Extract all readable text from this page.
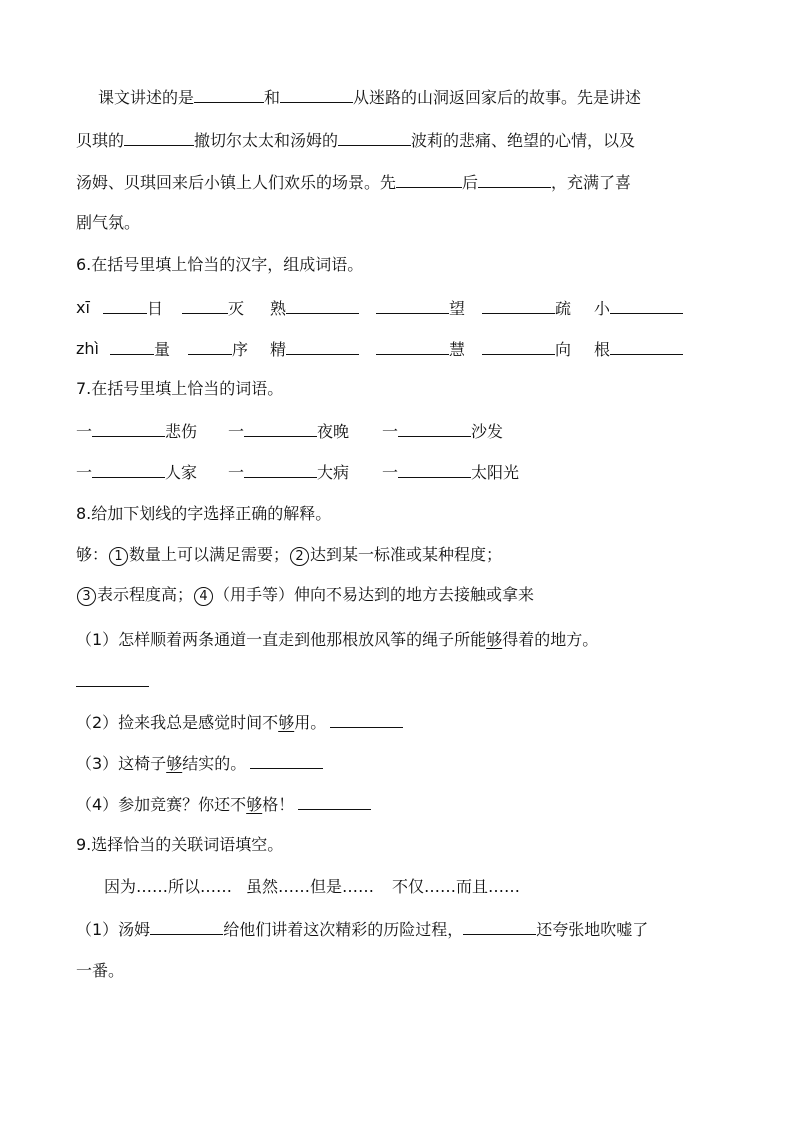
课文讲述的是	和	从迷路的山洞返回家后的故事。先是讲述
贝琪的	撤切尔太太和汤姆的	波莉的悲痛、绝望的心情，以及
汤姆、贝琪回来后小镇上人们欢乐的场景。先	后	，充满了喜
剧气氛。
6.在括号里填上恰当的汉字，组成词语。
xī	日	灭 熟	望	疏 小
zhì	量	序 精	慧	向 根
7.在括号里填上恰当的词语。
一	悲伤 一	夜晚 一	沙发
一	人家 一	大病 一	太阳光
8.给加下划线的字选择正确的解释。
够： 1 数量上可以满足需要； 2 达到某一标准或某种程度；
3 表示程度高； 4 （用手等）伸向不易达到的地方去接触或拿来
（1）怎样顺着两条通道一直走到他那根放风筝的绳子所能够得着的地方。
（2）捡来我总是感觉时间不够用。
（3）这椅子够结实的。
（4）参加竞赛？你还不够格！
9.选择恰当的关联词语填空。
因为……所以…… 虽然……但是…… 不仅……而且……
（1）汤姆	给他们讲着这次精彩的历险过程，	还夸张地吹嘘了
一番。
